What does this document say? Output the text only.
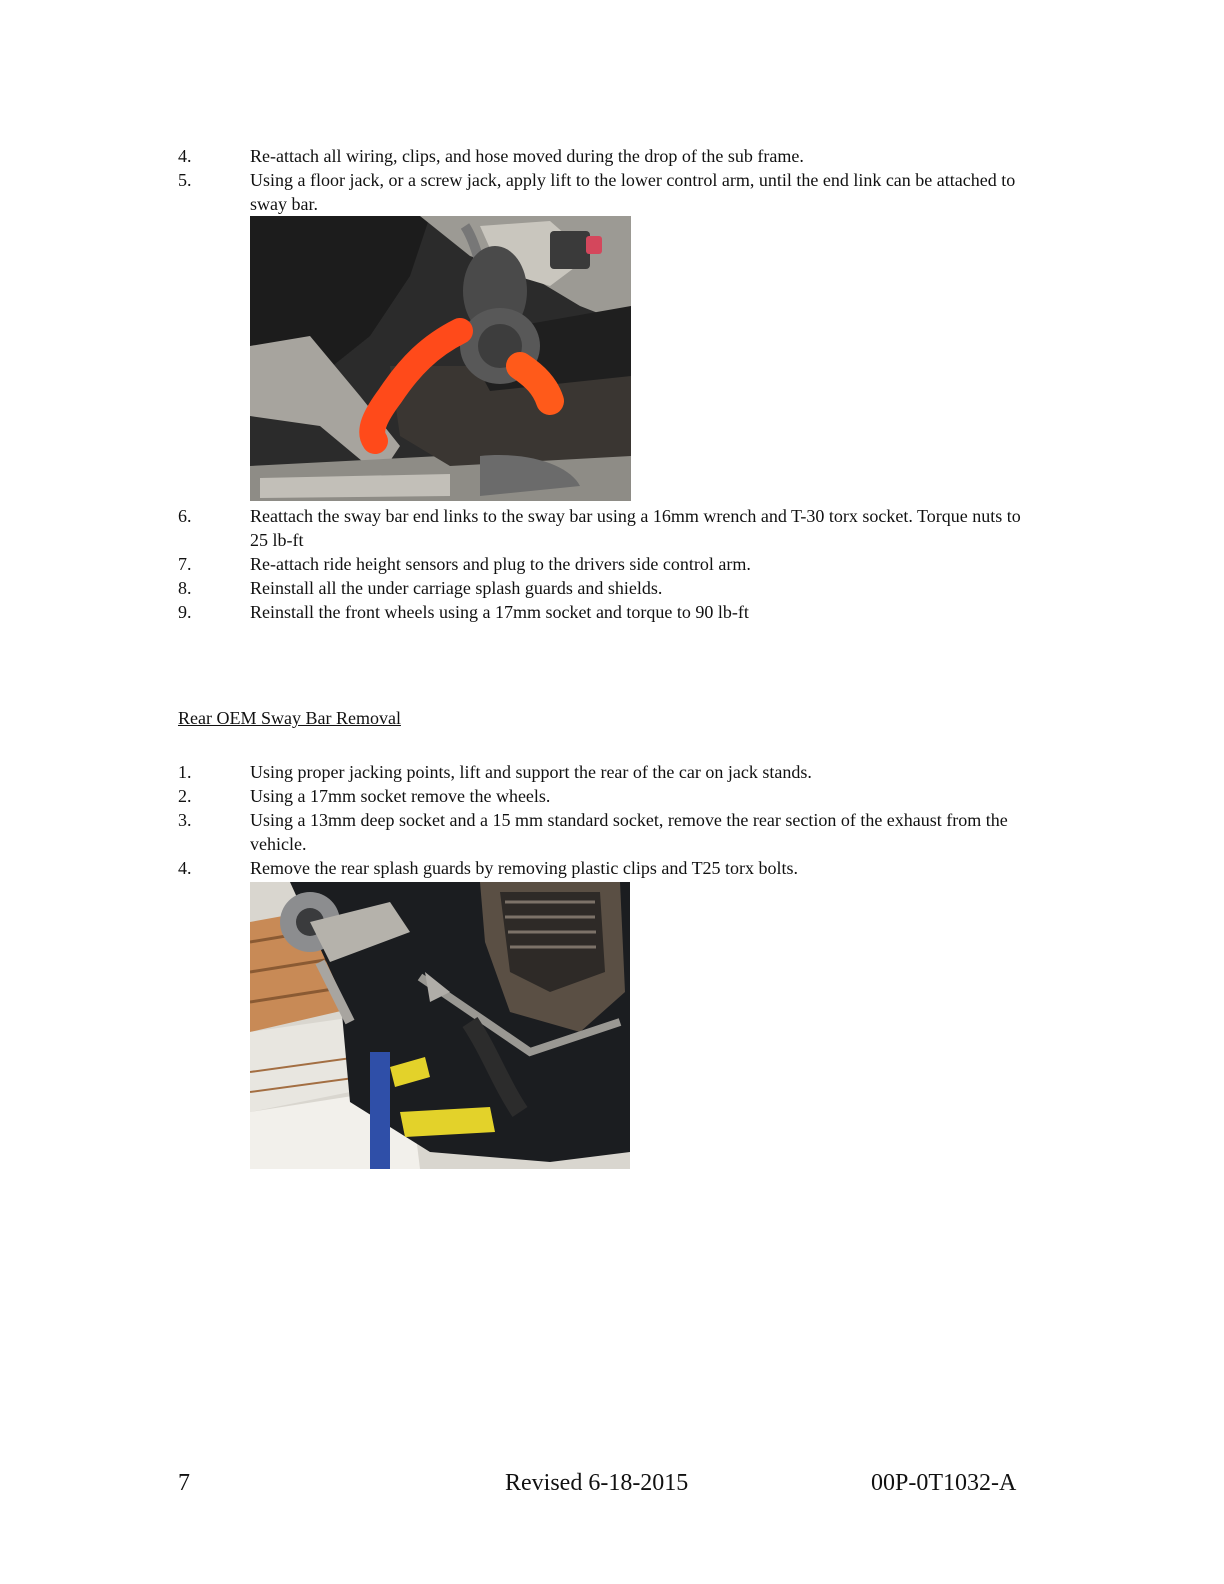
4.	Re-attach all wiring, clips, and hose moved during the drop of the sub frame.
5.	Using a floor jack, or a screw jack, apply lift to the lower control arm, until the end link can be attached to sway bar.
6.	Reattach the sway bar end links to the sway bar using a 16mm wrench and T-30 torx socket. Torque nuts to 25 lb-ft
7.	Re-attach ride height sensors and plug to the drivers side control arm.
8.	Reinstall all the under carriage splash guards and shields.
9.	Reinstall the front wheels using a 17mm socket and torque to 90 lb-ft
Rear OEM Sway Bar Removal
1.	Using proper jacking points, lift and support the rear of the car on jack stands.
2.	Using a 17mm socket remove the wheels.
3.	Using a 13mm deep socket and a 15 mm standard socket, remove the rear section of the exhaust from the vehicle.
4.	Remove the rear splash guards by removing plastic clips and T25 torx bolts.
7	Revised 6-18-2015	00P-0T1032-A
